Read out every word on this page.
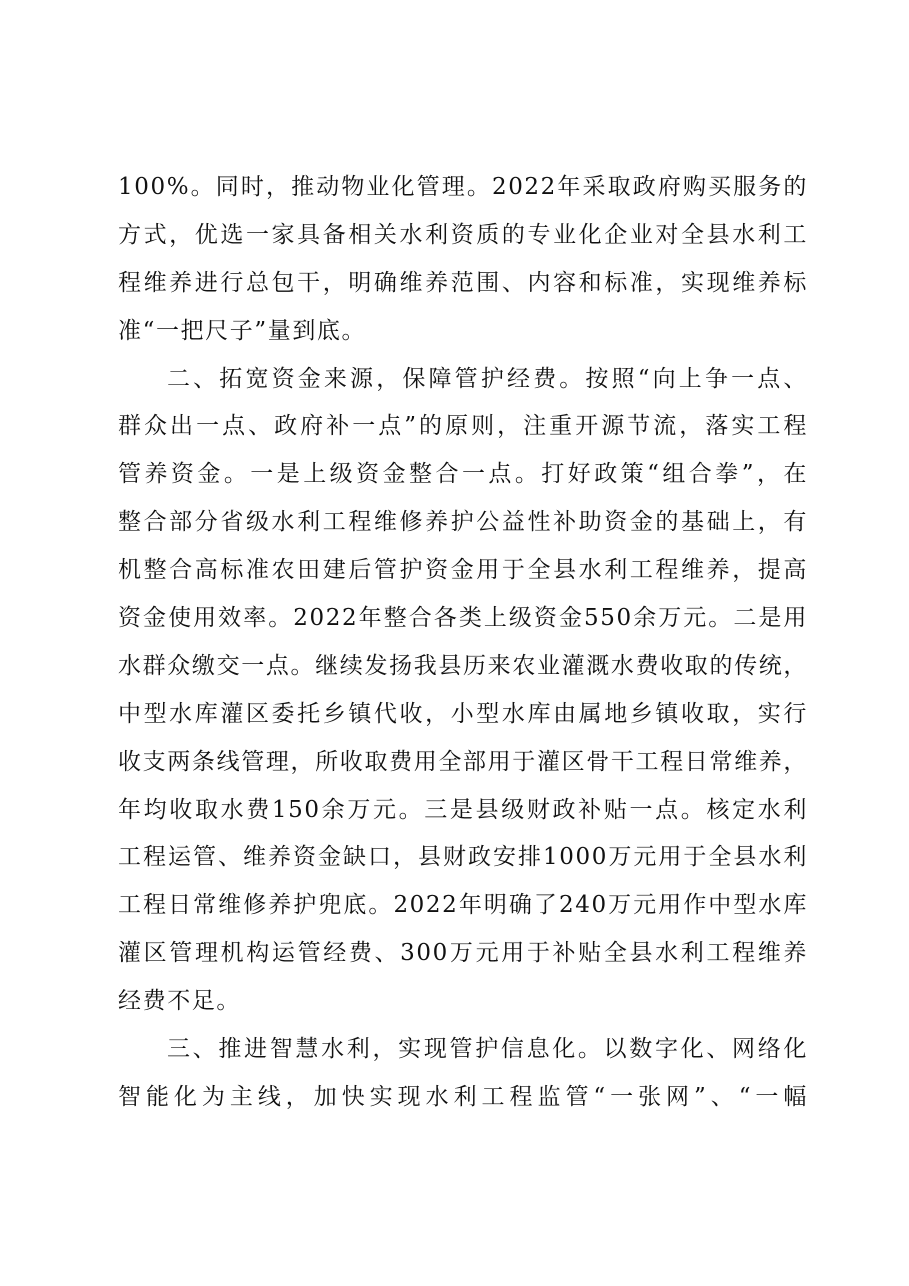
100%。同时，推动物业化管理。2022年采取政府购买服务的
方式，优选一家具备相关水利资质的专业化企业对全县水利工
程维养进行总包干，明确维养范围、内容和标准，实现维养标
准“一把尺子”量到底。
二、拓宽资金来源，保障管护经费。按照“向上争一点、
群众出一点、政府补一点”的原则，注重开源节流，落实工程
管养资金。一是上级资金整合一点。打好政策“组合拳”，在
整合部分省级水利工程维修养护公益性补助资金的基础上，有
机整合高标准农田建后管护资金用于全县水利工程维养，提高
资金使用效率。2022年整合各类上级资金550余万元。二是用
水群众缴交一点。继续发扬我县历来农业灌溉水费收取的传统，
中型水库灌区委托乡镇代收，小型水库由属地乡镇收取，实行
收支两条线管理，所收取费用全部用于灌区骨干工程日常维养，
年均收取水费150余万元。三是县级财政补贴一点。核定水利
工程运管、维养资金缺口，县财政安排1000万元用于全县水利
工程日常维修养护兜底。2022年明确了240万元用作中型水库
灌区管理机构运管经费、300万元用于补贴全县水利工程维养
经费不足。
三、推进智慧水利，实现管护信息化。以数字化、网络化
智能化为主线，加快实现水利工程监管“一张网”、“一幅
